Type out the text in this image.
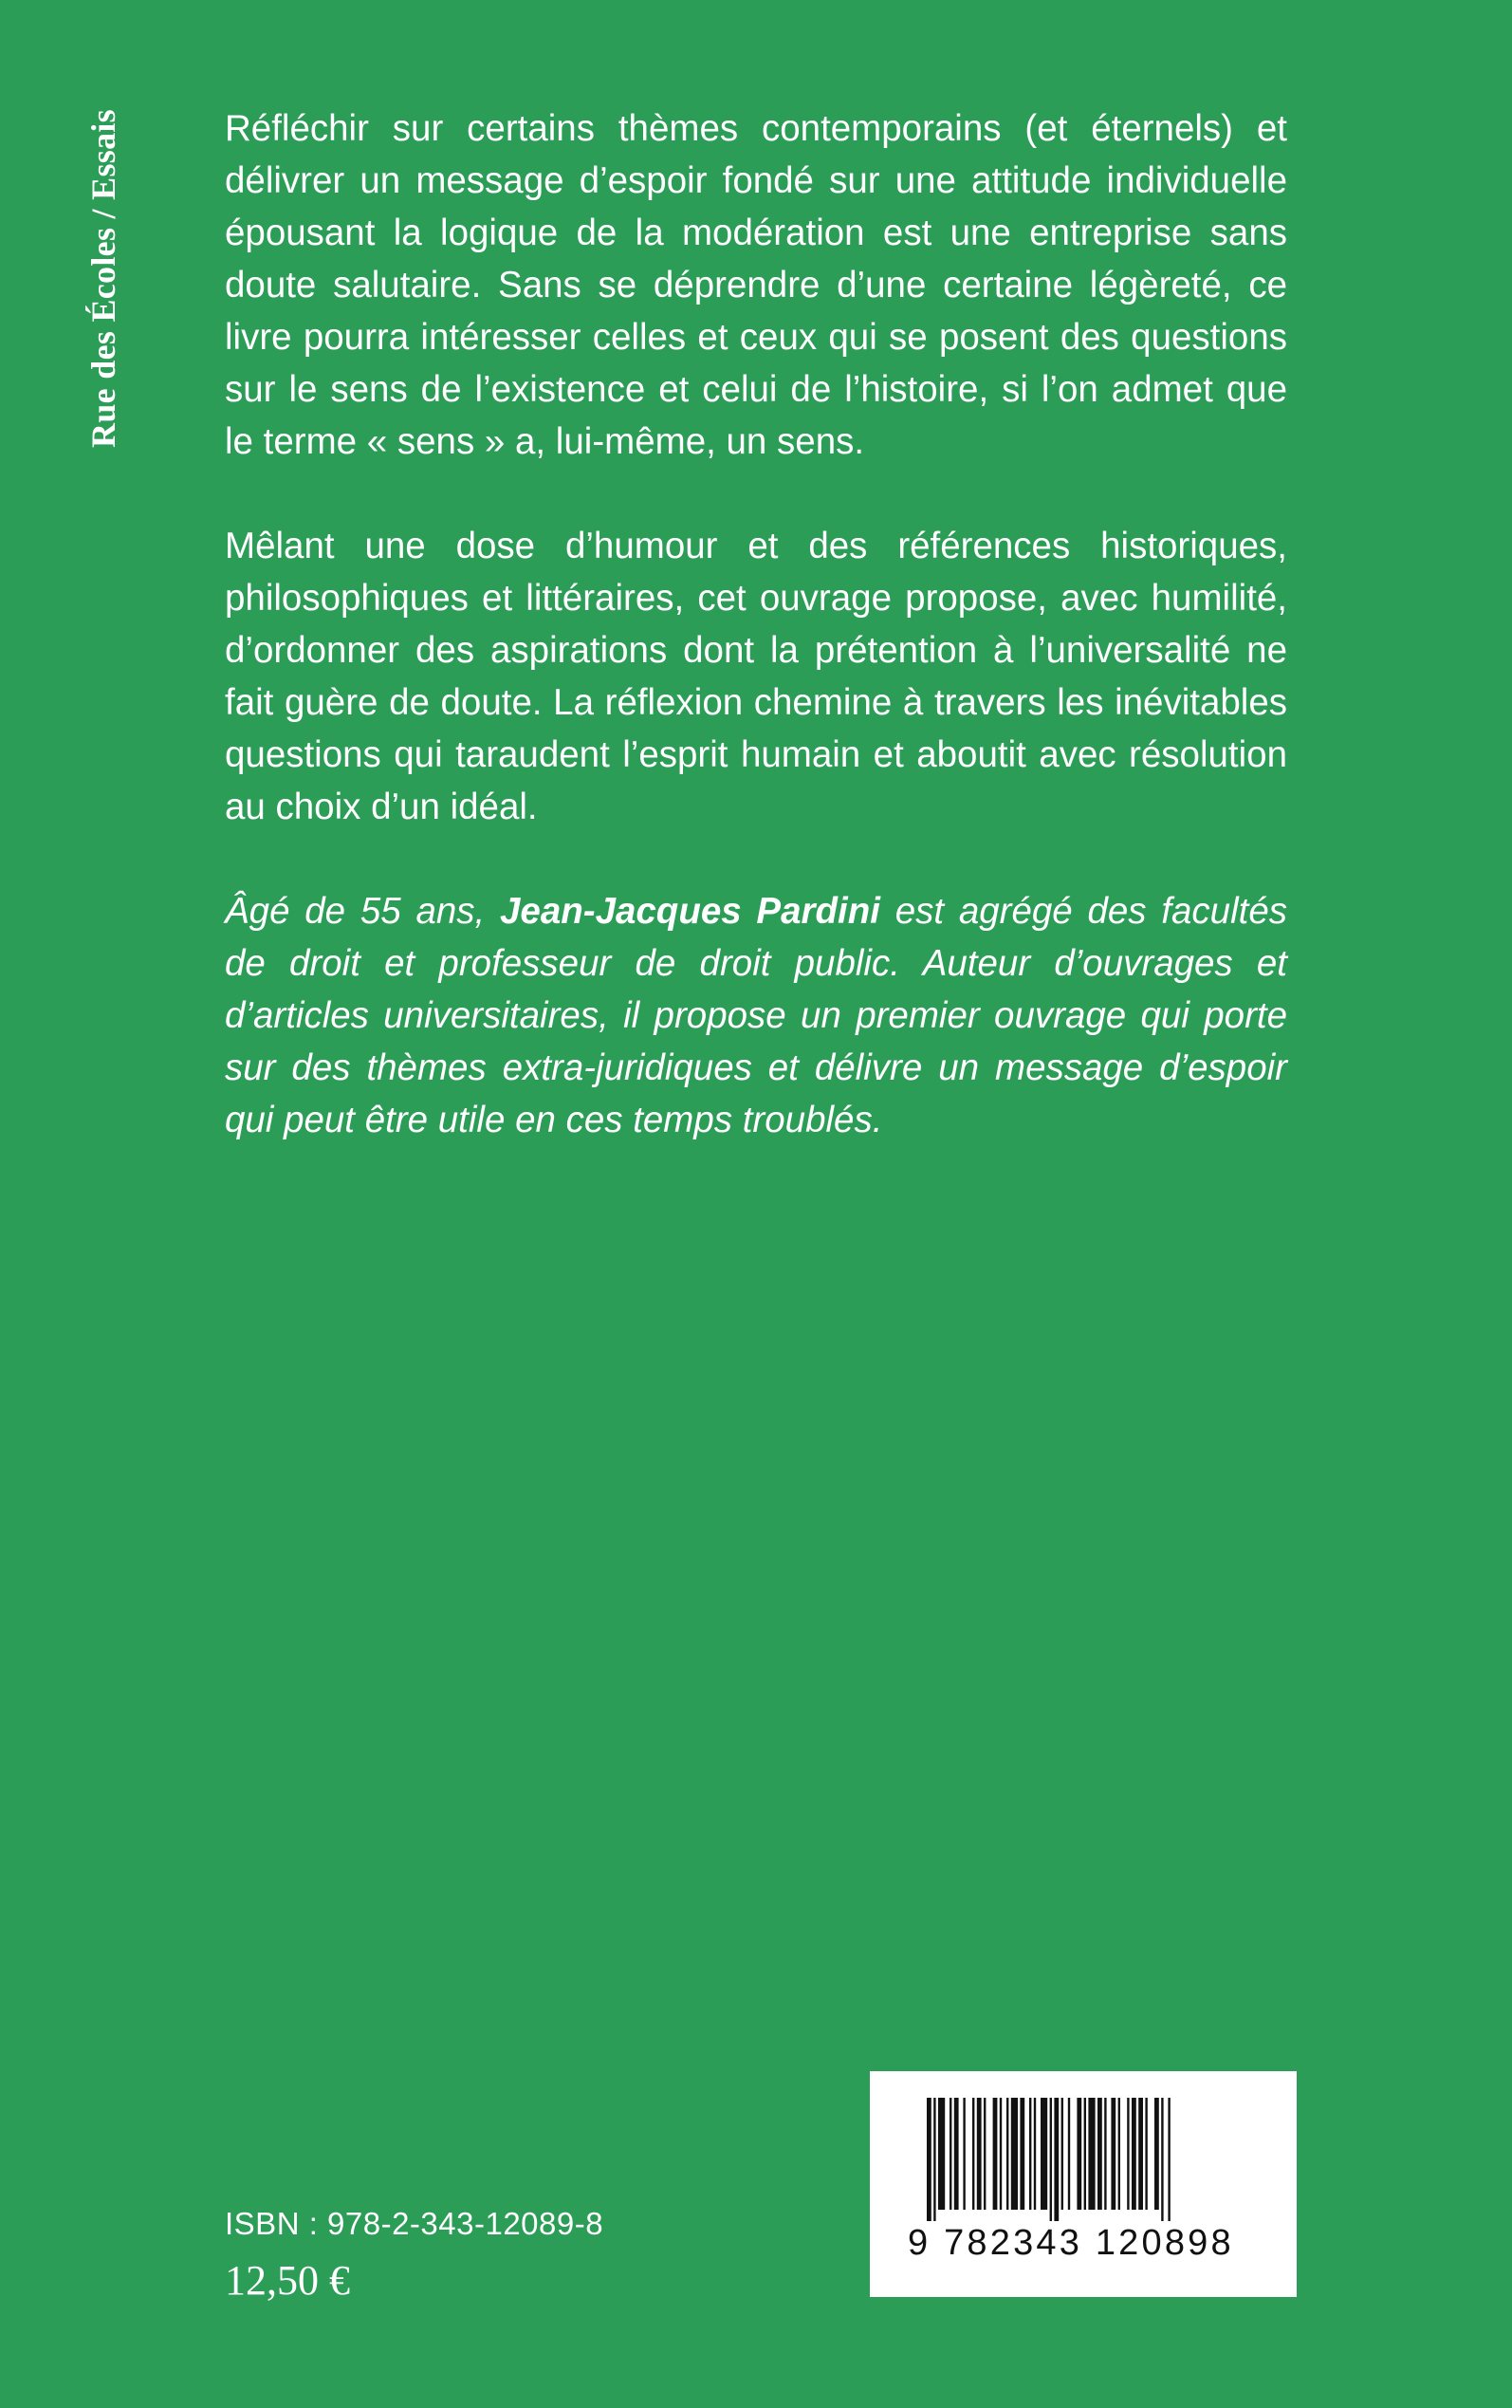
Rue des Écoles / Essais	Réfléchir sur certains thèmes contemporains (et éternels) et délivrer un message d’espoir fondé sur une attitude individuelle épousant la logique de la modération est une entreprise sans doute salutaire. Sans se déprendre d’une certaine légèreté, ce livre pourra intéresser celles et ceux qui se posent des questions sur le sens de l’existence et celui de l’histoire, si l’on admet que le terme « sens » a, lui-même, un sens.

Mêlant une dose d’humour et des références historiques, philosophiques et littéraires, cet ouvrage propose, avec humilité, d’ordonner des aspirations dont la prétention à l’universalité ne fait guère de doute. La réflexion chemine à travers les inévitables questions qui taraudent l’esprit humain et aboutit avec résolution au choix d’un idéal.

Âgé de 55 ans, Jean-Jacques Pardini est agrégé des facultés de droit et professeur de droit public. Auteur d’ouvrages et d’articles universitaires, il propose un premier ouvrage qui porte sur des thèmes extra-juridiques et délivre un message d’espoir qui peut être utile en ces temps troublés.

ISBN : 978-2-343-12089-8
12,50 €
9 782343 120898
